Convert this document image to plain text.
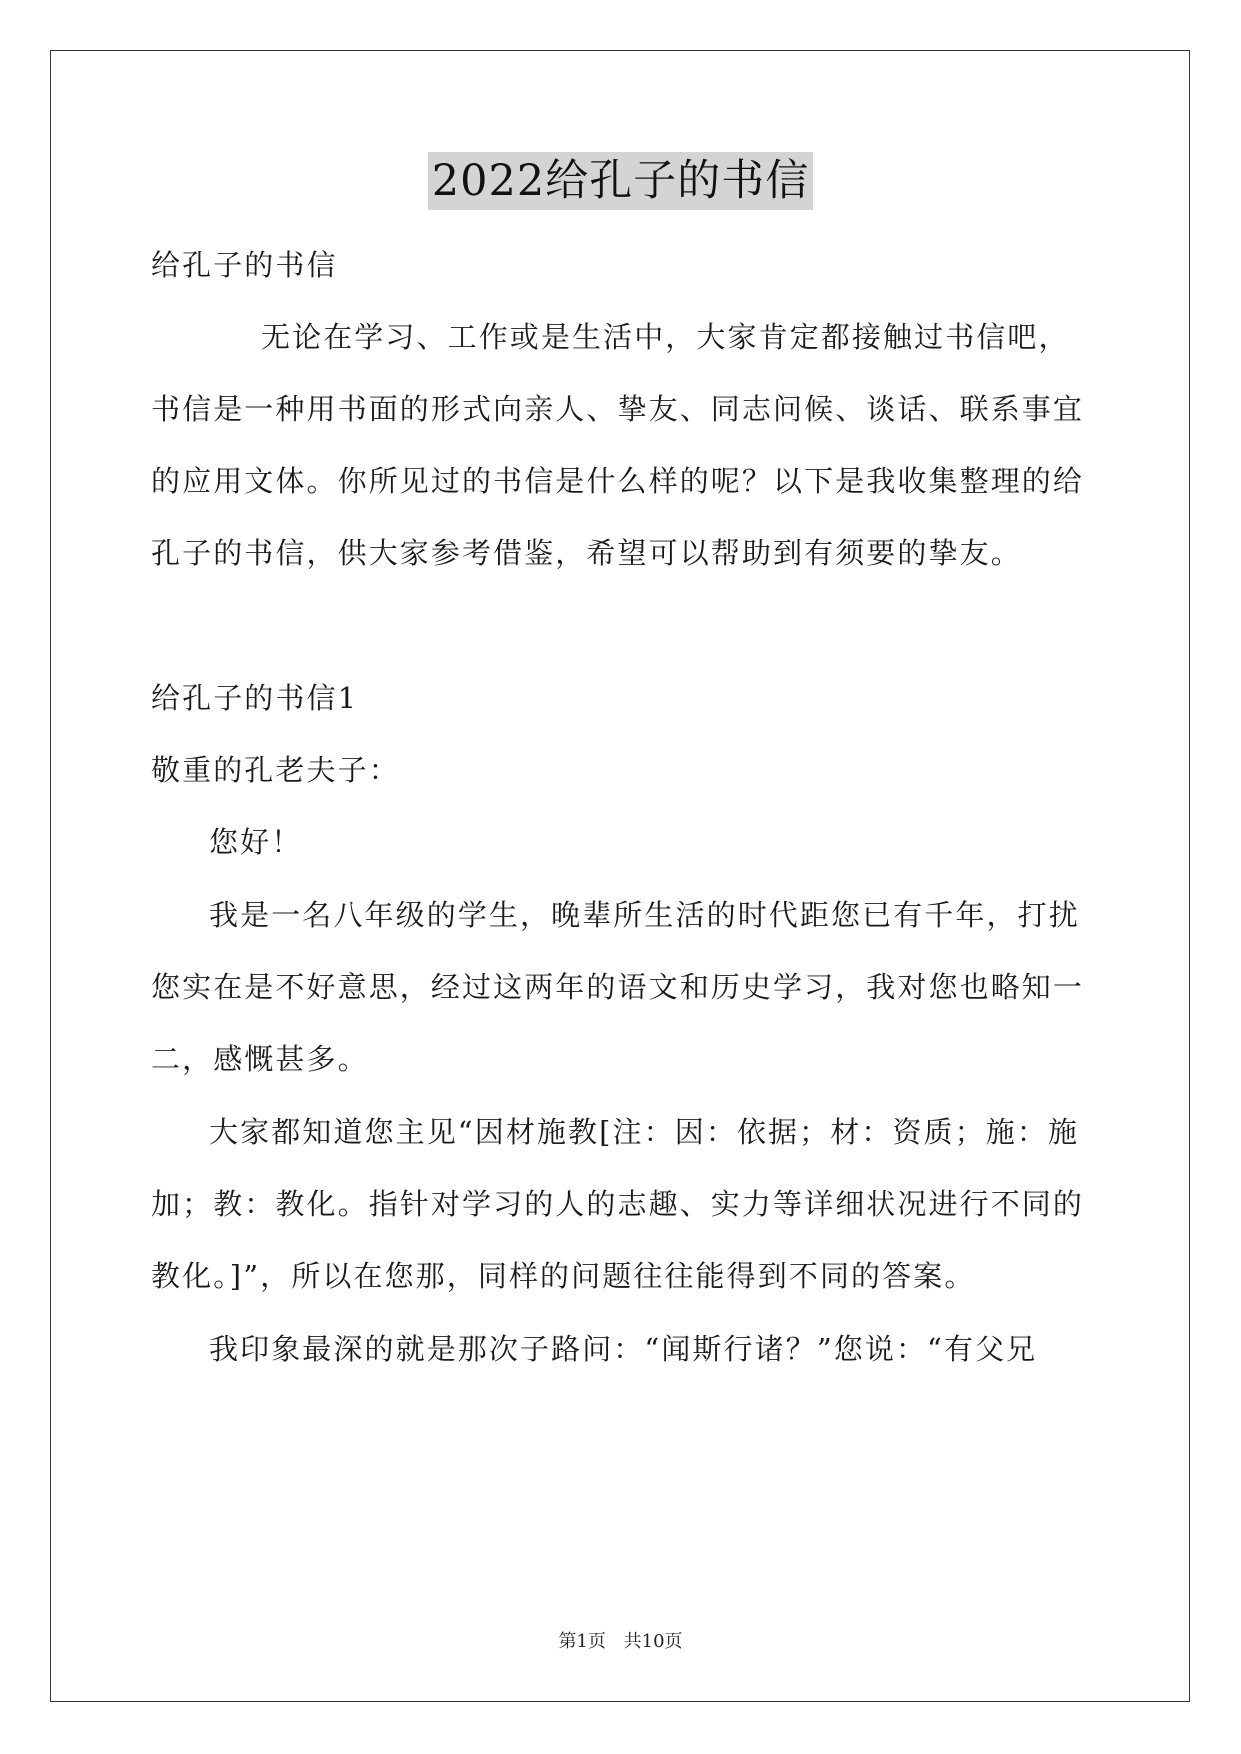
2022给孔子的书信
给孔子的书信
无论在学习、工作或是生活中，大家肯定都接触过书信吧，
书信是一种用书面的形式向亲人、挚友、同志问候、谈话、联系事宜
的应用文体。你所见过的书信是什么样的呢？以下是我收集整理的给
孔子的书信，供大家参考借鉴，希望可以帮助到有须要的挚友。
给孔子的书信1
敬重的孔老夫子：
您好！
我是一名八年级的学生，晚辈所生活的时代距您已有千年，打扰
您实在是不好意思，经过这两年的语文和历史学习，我对您也略知一
二，感慨甚多。
大家都知道您主见“因材施教[注：因：依据；材：资质；施：施
加；教：教化。指针对学习的人的志趣、实力等详细状况进行不同的
教化。]”，所以在您那，同样的问题往往能得到不同的答案。
我印象最深的就是那次子路问：“闻斯行诸？”您说：“有父兄
第1页 共10页
